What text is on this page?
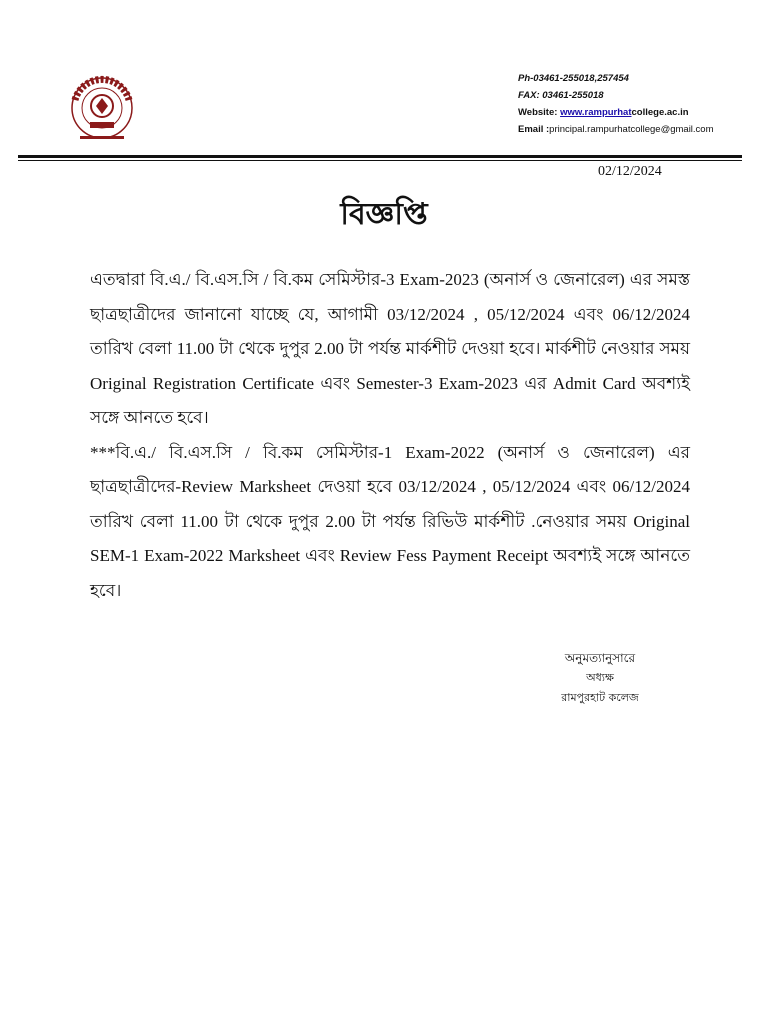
Ph-03461-255018,257454
FAX: 03461-255018
Website: www.rampurhatcollege.ac.in
Email :principal.rampurhatcollege@gmail.com
02/12/2024
বিজ্ঞপ্তি

এতদ্বারা বি.এ./ বি.এস.সি / বি.কম সেমিস্টার-3 Exam-2023 (অনার্স ও জেনারেল) এর সমস্ত ছাত্রছাত্রীদের জানানো যাচ্ছে যে, আগামী 03/12/2024 , 05/12/2024 এবং 06/12/2024 তারিখ বেলা 11.00 টা থেকে দুপুর 2.00 টা পর্যন্ত মার্কশীট দেওয়া হবে। মার্কশীট নেওয়ার সময় Original Registration Certificate এবং Semester-3 Exam-2023 এর Admit Card অবশ্যই সঙ্গে আনতে হবে।

***বি.এ./ বি.এস.সি / বি.কম সেমিস্টার-1 Exam-2022 (অনার্স ও জেনারেল) এর ছাত্রছাত্রীদের-Review Marksheet দেওয়া হবে 03/12/2024 , 05/12/2024 এবং 06/12/2024 তারিখ বেলা 11.00 টা থেকে দুপুর 2.00 টা পর্যন্ত রিভিউ মার্কশীট .নেওয়ার সময় Original SEM-1 Exam-2022 Marksheet এবং Review Fess Payment Receipt অবশ্যই সঙ্গে আনতে হবে।

অনুমত্যানুসারে
অধ্যক্ষ
রামপুরহাট কলেজ
